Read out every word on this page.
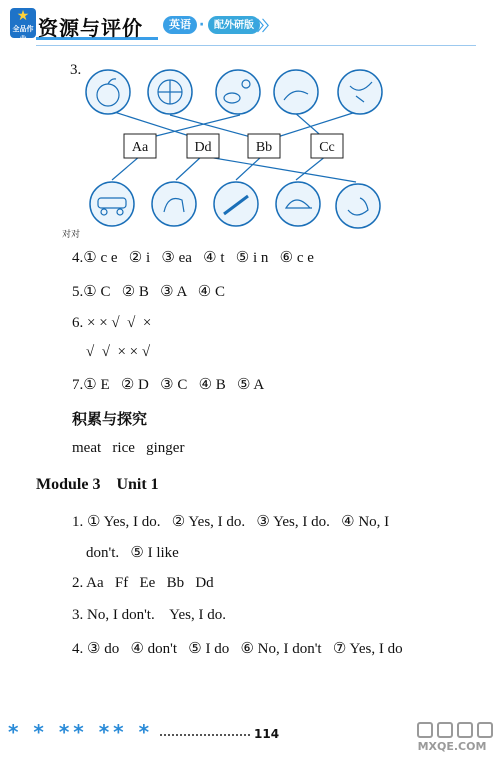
★
全品作业 资源与评价	英语 · 配外研版
〉〉〉
3.
Aa	Dd	Bb	Cc
对对
4.① c e   ② i   ③ ea   ④ t   ⑤ i n   ⑥ c e
5.① C   ② B   ③ A   ④ C
6. × × √  √  ×
√  √  × × √
7.① E   ② D   ③ C   ④ B   ⑤ A
积累与探究
meat   rice   ginger
Module 3    Unit 1
1. ① Yes, I do.   ② Yes, I do.   ③ Yes, I do.   ④ No, I
don't.   ⑤ I like
2. Aa   Ff   Ee   Bb   Dd
3. No, I don't.    Yes, I do.
4. ③ do   ④ don't   ⑤ I do   ⑥ No, I don't   ⑦ Yes, I do
* * ** ** *	114
MXQE.COM
